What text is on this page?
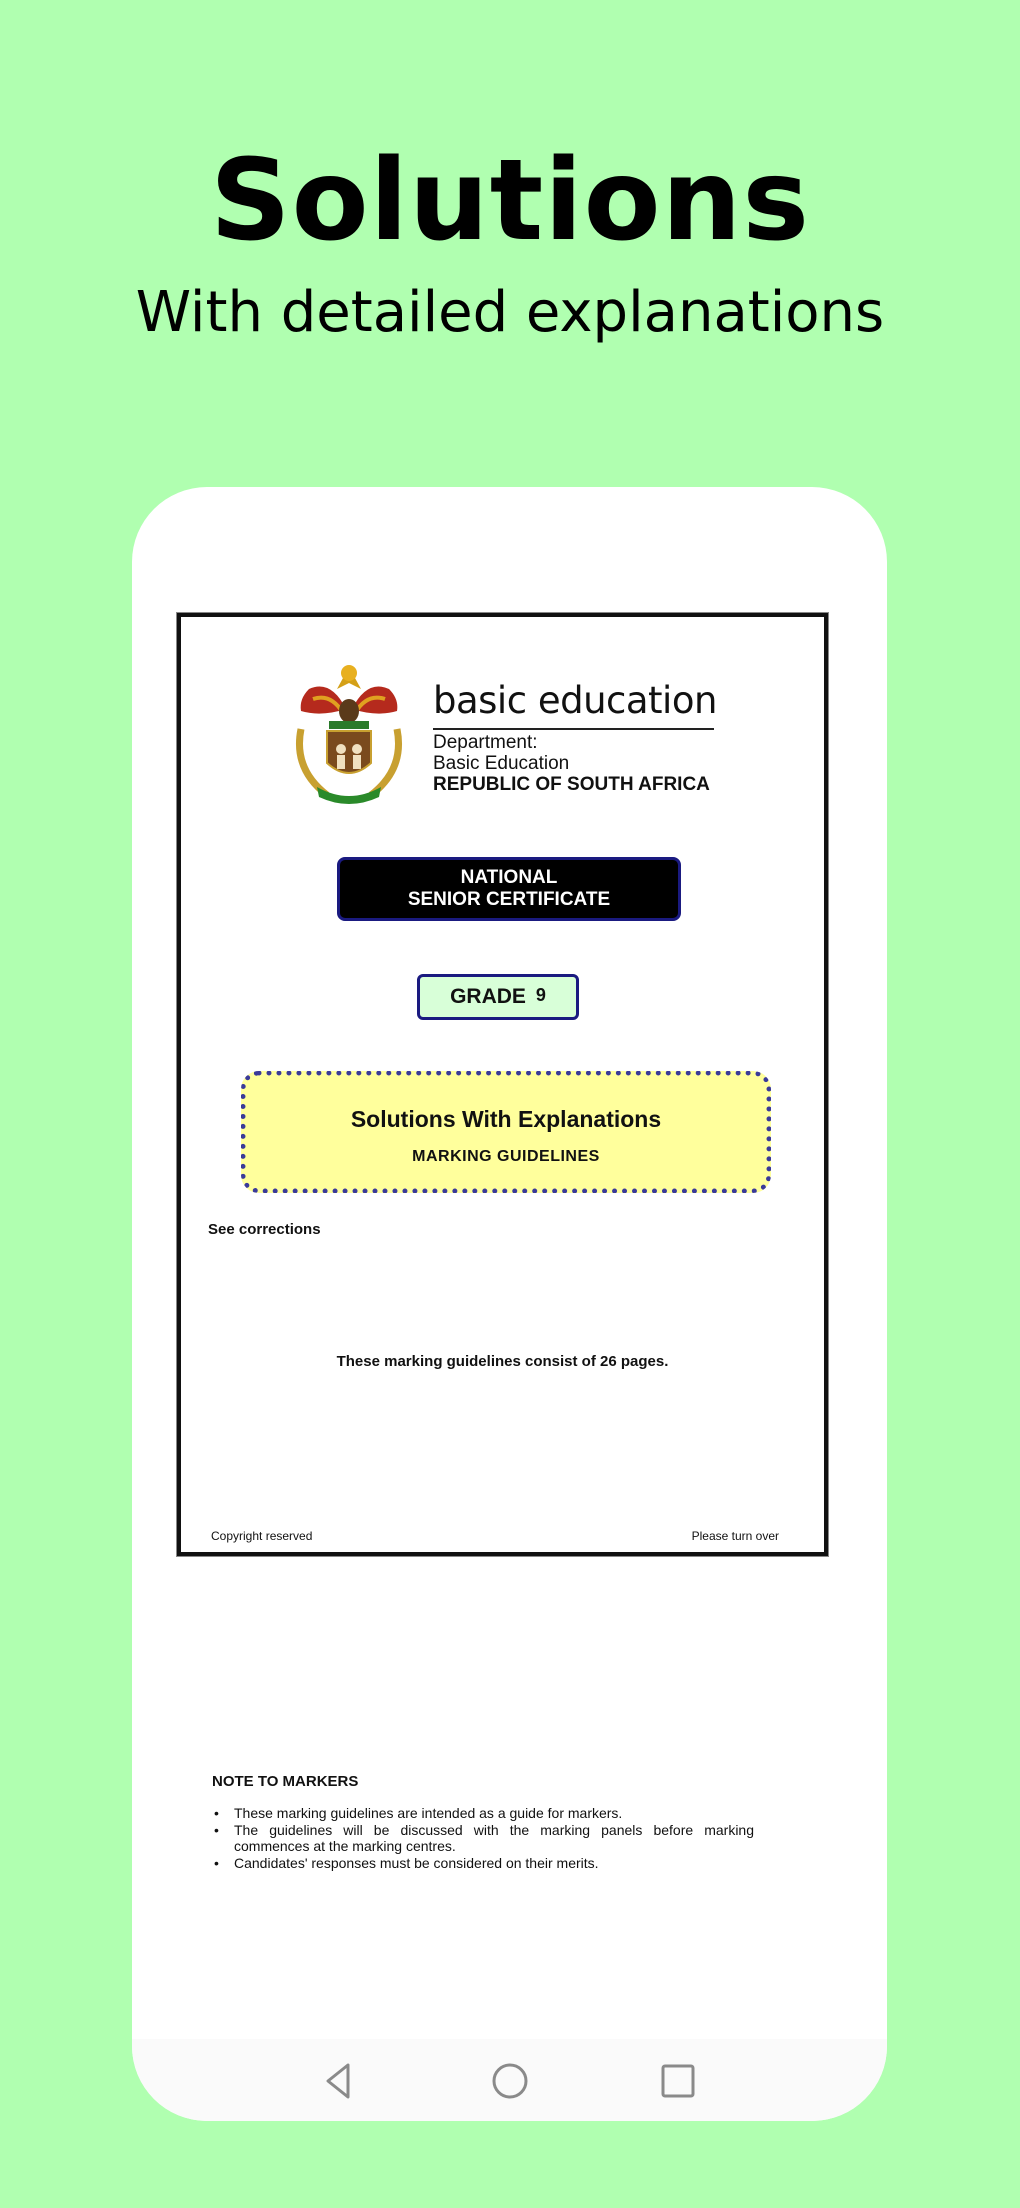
Solutions
With detailed explanations
basic education
Department:
Basic Education
REPUBLIC OF SOUTH AFRICA
NATIONAL
SENIOR CERTIFICATE
GRADE 9
Solutions With Explanations
MARKING GUIDELINES
See corrections
These marking guidelines consist of 26 pages.
Copyright reserved	Please turn over
NOTE TO MARKERS
• These marking guidelines are intended as a guide for markers.
• The guidelines will be discussed with the marking panels before marking commences at the marking centres.
• Candidates' responses must be considered on their merits.
